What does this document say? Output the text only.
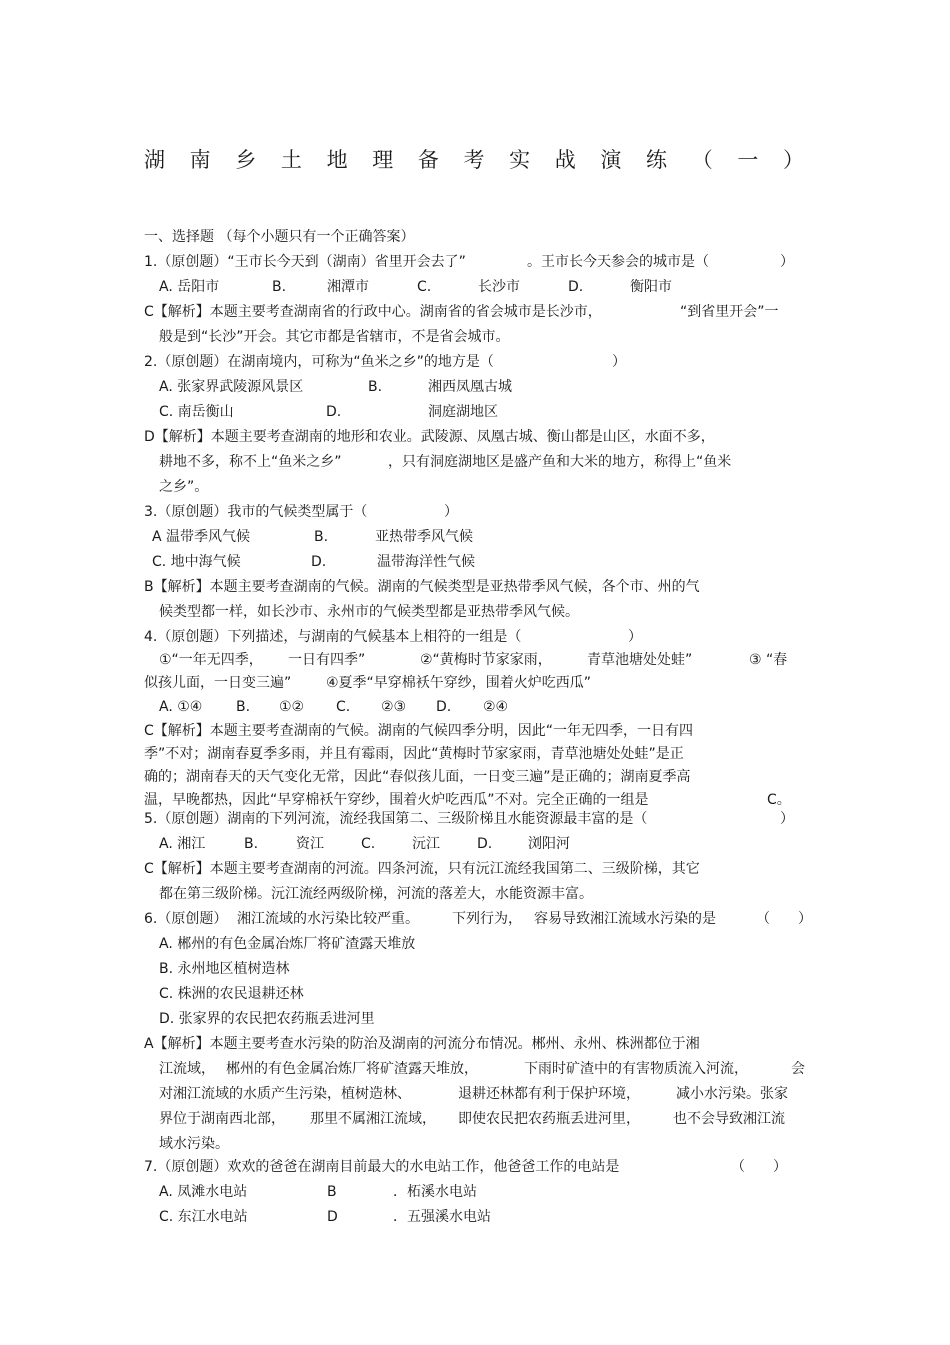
湖 南 乡 土 地 理 备 考 实 战 演 练 （ 一 ）
一、选择题 （每个小题只有一个正确答案）
1.（原创题）“王市长今天到（湖南）省里开会去了”	。王市长今天参会的城市是（	）
A. 岳阳市	B.	湘潭市	C.	长沙市	D.	衡阳市
C【解析】本题主要考查湖南省的行政中心。湖南省的省会城市是长沙市，	“到省里开会”一
般是到“长沙”开会。其它市都是省辖市，不是省会城市。
2.（原创题）在湖南境内，可称为“鱼米之乡”的地方是（	）
A. 张家界武陵源风景区	B.	湘西凤凰古城
C. 南岳衡山	D.	洞庭湖地区
D【解析】本题主要考查湖南的地形和农业。武陵源、凤凰古城、衡山都是山区，水面不多，
耕地不多，称不上“鱼米之乡”	，只有洞庭湖地区是盛产鱼和大米的地方，称得上“鱼米
之乡”。
3.（原创题）我市的气候类型属于（	）
A 温带季风气候	B.	亚热带季风气候
C. 地中海气候	D.	温带海洋性气候
B【解析】本题主要考查湖南的气候。湖南的气候类型是亚热带季风气候，各个市、州的气
候类型都一样，如长沙市、永州市的气候类型都是亚热带季风气候。
4.（原创题）下列描述，与湖南的气候基本上相符的一组是（	）
①“一年无四季， 一日有四季”	②“黄梅时节家家雨，	青草池塘处处蛙”	③ “春
似孩儿面，一日变三遍” ④夏季“早穿棉袄午穿纱，围着火炉吃西瓜”
A. ①④ B. ①② C. ②③ D. ②④
C【解析】本题主要考查湖南的气候。湖南的气候四季分明，因此“一年无四季，一日有四
季”不对；湖南春夏季多雨，并且有霉雨，因此“黄梅时节家家雨，青草池塘处处蛙”是正
确的；湖南春天的天气变化无常，因此“春似孩儿面，一日变三遍”是正确的；湖南夏季高
温，早晚都热，因此“早穿棉袄午穿纱，围着火炉吃西瓜”不对。完全正确的一组是	C。
5.（原创题）湖南的下列河流，流经我国第二、三级阶梯且水能资源最丰富的是（	）
A. 湘江	B.	资江	C.	沅江	D.	浏阳河
C【解析】本题主要考查湖南的河流。四条河流，只有沅江流经我国第二、三级阶梯，其它
都在第三级阶梯。沅江流经两级阶梯，河流的落差大，水能资源丰富。
6.（原创题） 湘江流域的水污染比较严重。 下列行为， 容易导致湘江流域水污染的是	（　　）
A. 郴州的有色金属冶炼厂将矿渣露天堆放
B. 永州地区植树造林
C. 株洲的农民退耕还林
D. 张家界的农民把农药瓶丢进河里
A【解析】本题主要考查水污染的防治及湖南的河流分布情况。郴州、永州、株洲都位于湘
江流域， 郴州的有色金属冶炼厂将矿渣露天堆放，	下雨时矿渣中的有害物质流入河流，	会
对湘江流域的水质产生污染，植树造林、	退耕还林都有利于保护环境，	减小水污染。张家
界位于湖南西北部， 那里不属湘江流域， 即使农民把农药瓶丢进河里， 也不会导致湘江流
域水污染。
7.（原创题）欢欢的爸爸在湖南目前最大的水电站工作，他爸爸工作的电站是	（　　）
A. 凤滩水电站	B	．柘溪水电站
C. 东江水电站	D	．五强溪水电站
